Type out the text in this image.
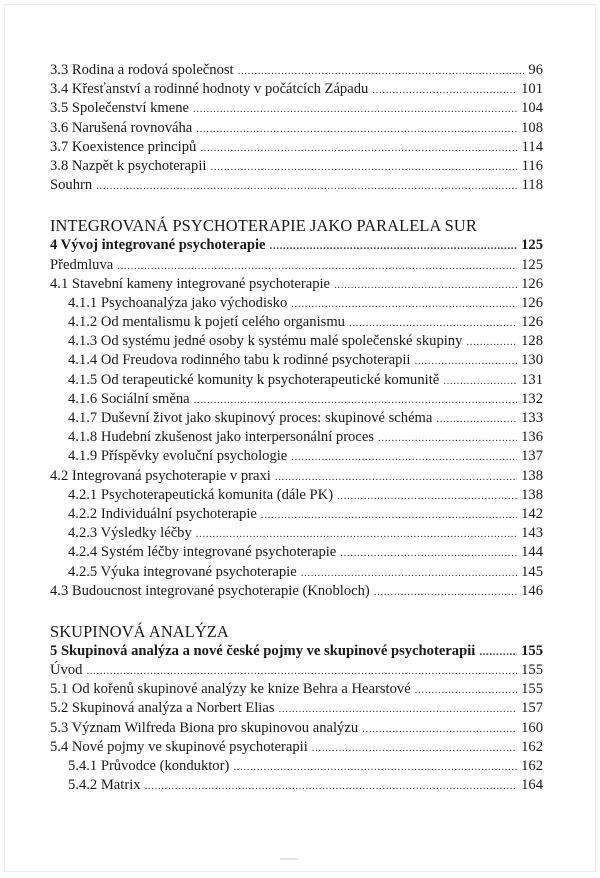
3.3 Rodina a rodová společnost .....	96
3.4 Křesťanství a rodinné hodnoty v počátcích Západu .....	101
3.5 Společenství kmene .....	104
3.6 Narušená rovnováha .....	108
3.7 Koexistence principů .....	114
3.8 Nazpět k psychoterapii .....	116
Souhrn .....	118
INTEGROVANÁ PSYCHOTERAPIE JAKO PARALELA SUR
4 Vývoj integrované psychoterapie .....	125
Předmluva .....	125
4.1 Stavební kameny integrované psychoterapie .....	126
4.1.1 Psychoanalýza jako východisko .....	126
4.1.2 Od mentalismu k pojetí celého organismu .....	126
4.1.3 Od systému jedné osoby k systému malé společenské skupiny .....	128
4.1.4 Od Freudova rodinného tabu k rodinné psychoterapii .....	130
4.1.5 Od terapeutické komunity k psychoterapeutické komunitě .....	131
4.1.6 Sociální směna .....	132
4.1.7 Duševní život jako skupinový proces: skupinové schéma .....	133
4.1.8 Hudební zkušenost jako interpersonální proces .....	136
4.1.9 Příspěvky evoluční psychologie .....	137
4.2 Integrovaná psychoterapie v praxi .....	138
4.2.1 Psychoterapeutická komunita (dále PK) .....	138
4.2.2 Individuální psychoterapie .....	142
4.2.3 Výsledky léčby .....	143
4.2.4 Systém léčby integrované psychoterapie .....	144
4.2.5 Výuka integrované psychoterapie .....	145
4.3 Budoucnost integrované psychoterapie (Knobloch) .....	146
SKUPINOVÁ ANALÝZA
5 Skupinová analýza a nové české pojmy ve skupinové psychoterapii .....	155
Úvod .....	155
5.1 Od kořenů skupinové analýzy ke knize Behra a Hearstové .....	155
5.2 Skupinová analýza a Norbert Elias .....	157
5.3 Význam Wilfreda Biona pro skupinovou analýzu .....	160
5.4 Nové pojmy ve skupinové psychoterapii .....	162
5.4.1 Průvodce (konduktor) .....	162
5.4.2 Matrix .....	164
